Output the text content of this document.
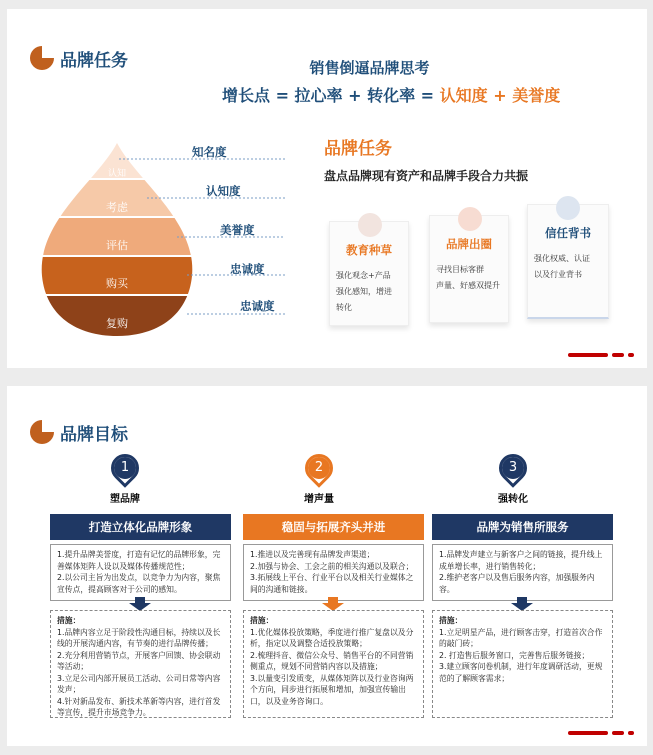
品牌任务	销售倒逼品牌思考
增长点 = 拉心率 + 转化率 = 认知度 + 美誉度
认知
考虑
评估
购买
复购
知名度
认知度
美誉度
忠诚度
忠诚度
品牌任务
盘点品牌现有资产和品牌手段合力共振
教育种草

强化观念+产品
强化感知，增进
转化

品牌出圈

寻找目标客群
声量、好感双提升

信任背书

强化权威、认证
以及行业背书

品牌目标
1	2	3
塑品牌	增声量	强转化
打造立体化品牌形象
1.提升品牌美誉度，打造有记忆的品牌形象，完善媒体矩阵人设以及媒体传播规范性；
2.以公司主旨为出发点，以竞争力为内容，聚焦宣传点，提高顾客对于公司的感知。
措施：
1.品牌内容立足于阶段性沟通目标，持续以及长线的开展沟通内容，有节奏的进行品牌传播；
2.充分利用营销节点，开展客户回馈、协会联动等活动；
3.立足公司内部开展员工活动、公司日常等内容发声；
4.针对新品发布、新技术革新等内容，进行首发等宣传，提升市场竞争力。
稳固与拓展齐头并进
1.推进以及完善现有品牌发声渠道；
2.加强与协会、工会之前的相关沟通以及联合；
3.拓展线上平台、行业平台以及相关行业媒体之间的沟通和链接。
措施：
1.优化媒体投放策略，季度进行推广复盘以及分析，指定以及调整合适投放策略；
2.梳理抖音、微信公众号、销售平台的不同营销侧重点，规划不同营销内容以及措施；
3.以量变引发质变，从媒体矩阵以及行业咨询两个方向，同步进行拓展和增加，加强宣传输出口，以及业务咨询口。
品牌为销售所服务
1.品牌发声建立与新客户之间的链接，提升线上成单增长率，进行销售转化；
2.维护老客户以及售后服务内容，加强服务内容。
措施：
1.立足明星产品，进行顾客击穿，打造首次合作的敲门砖；
2. 打造售后服务窗口，完善售后服务链接；
3.建立顾客问卷机制，进行年度调研活动，更规范的了解顾客需求；
